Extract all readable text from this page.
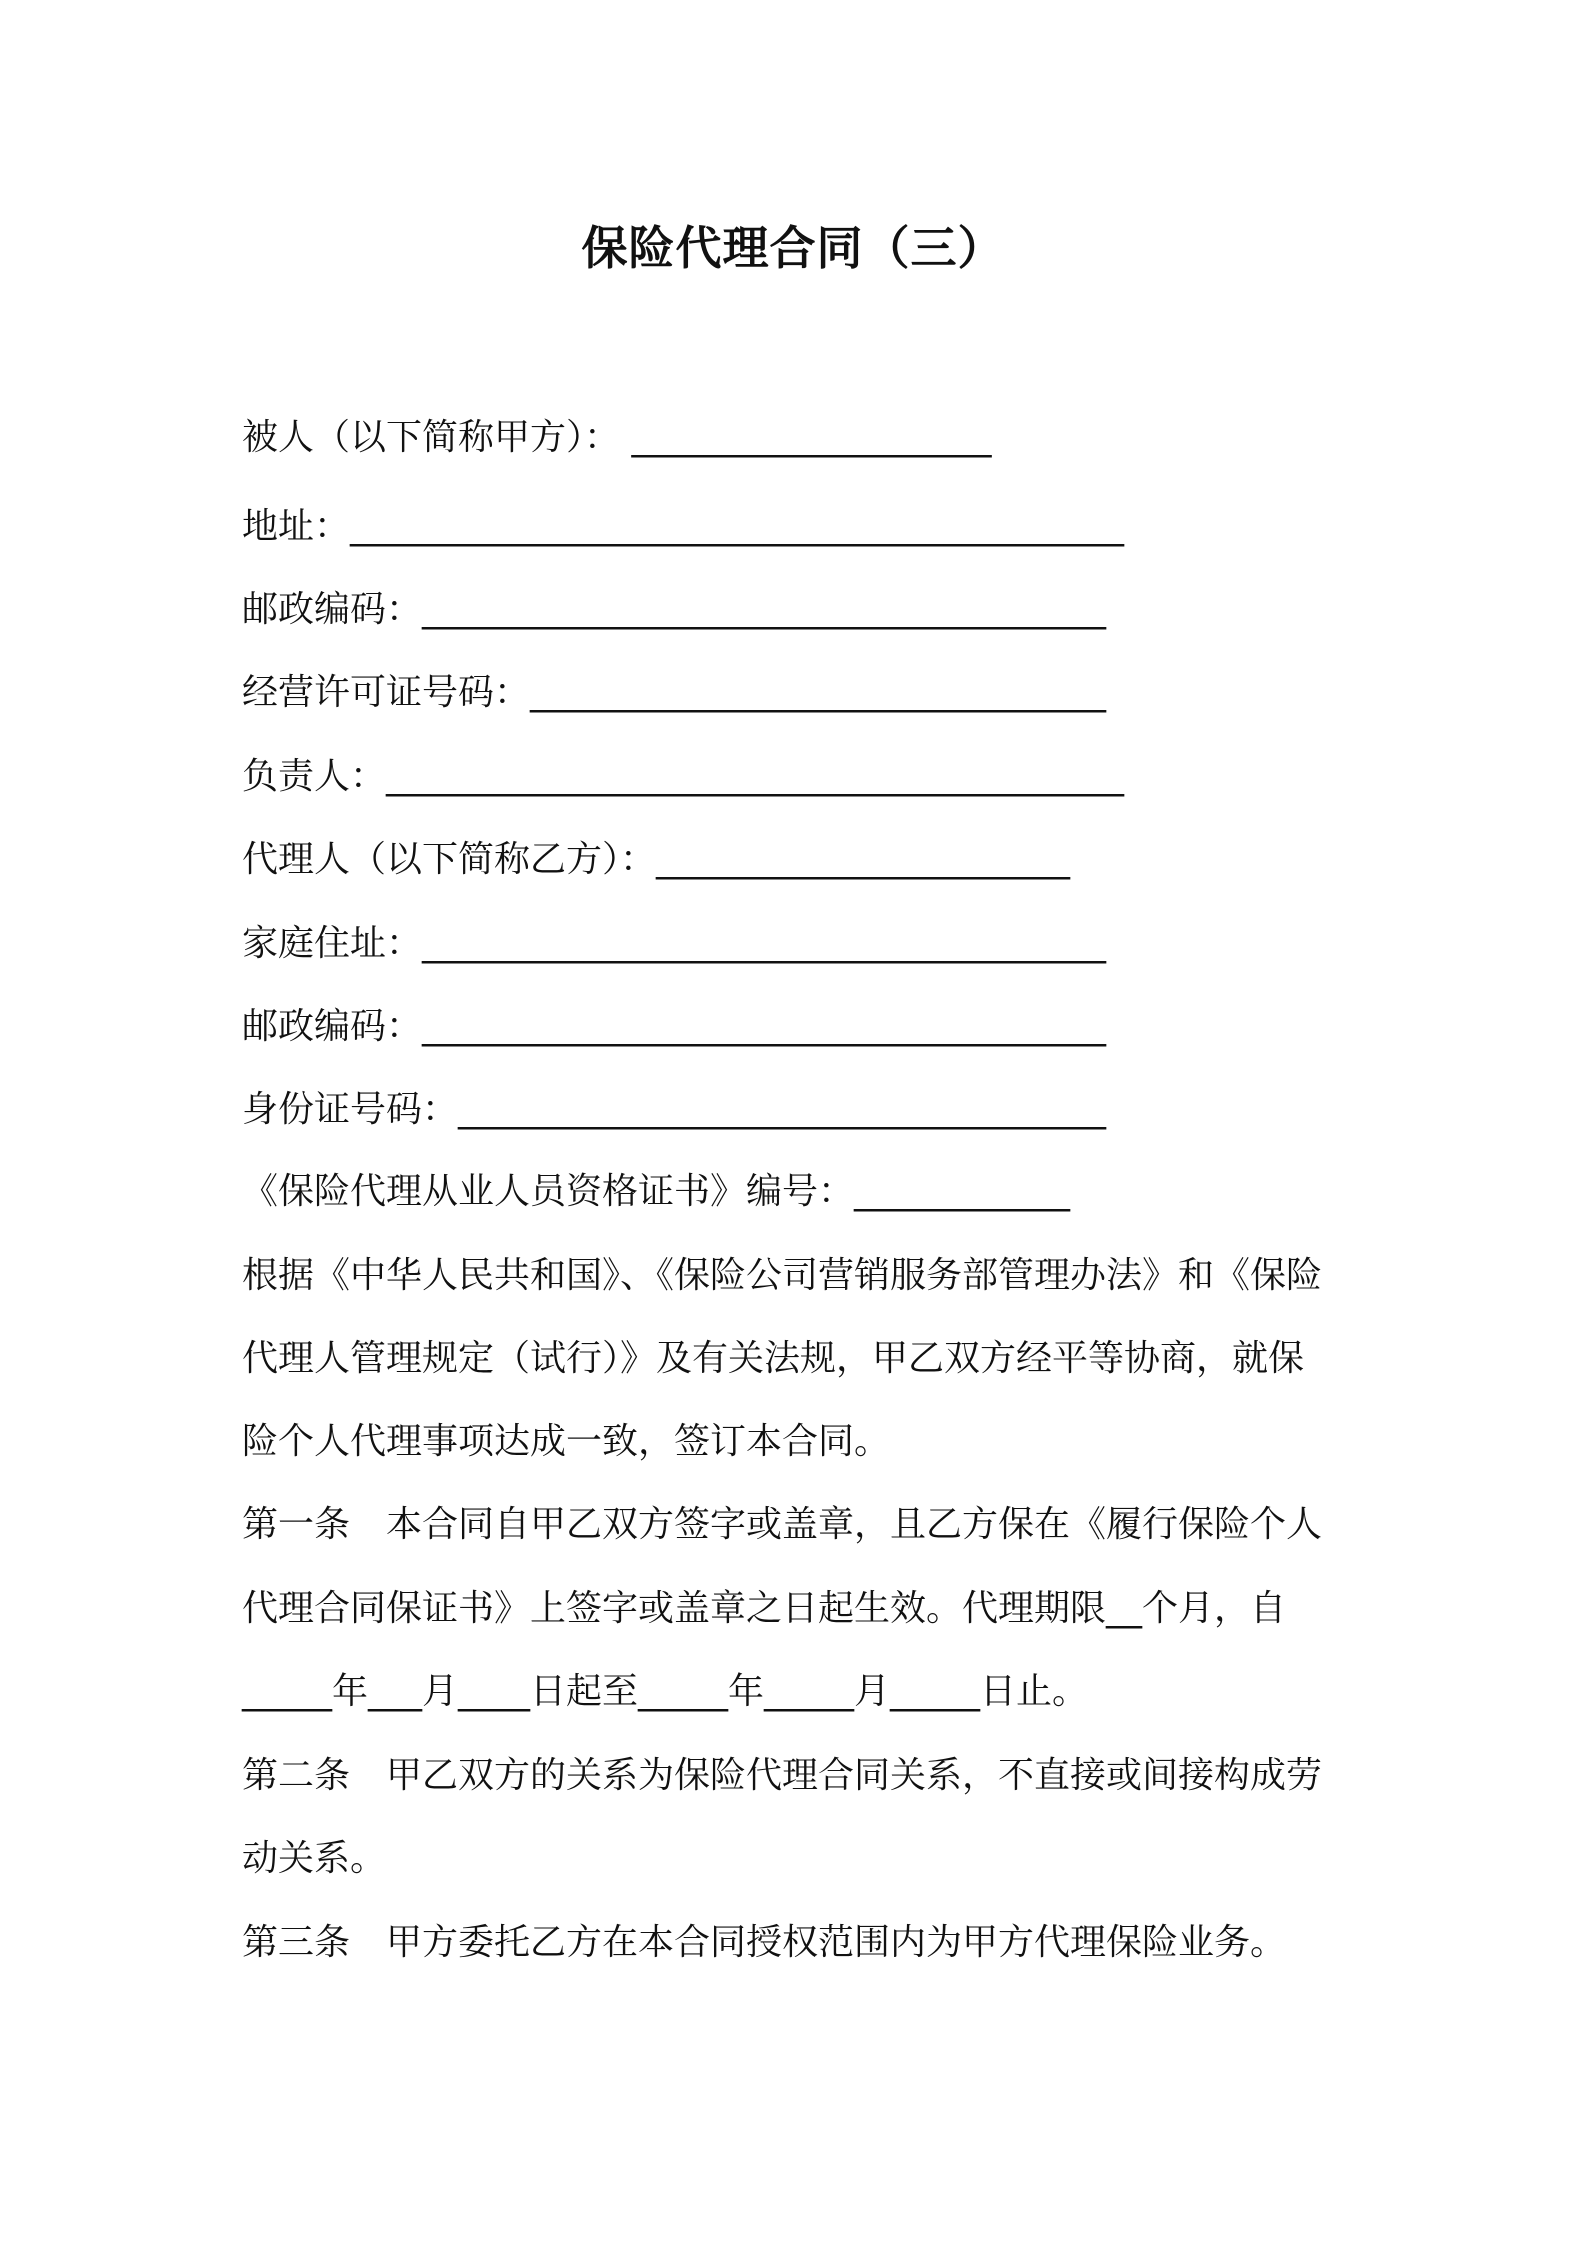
保险代理合同（三）

被人（以下简称甲方）： ____________________

地址：___________________________________________

邮政编码：______________________________________

经营许可证号码：________________________________

负责人：_________________________________________

代理人（以下简称乙方）：_______________________

家庭住址：______________________________________

邮政编码：______________________________________

身份证号码：____________________________________

《保险代理从业人员资格证书》编号：____________

根据《中华人民共和国》、《保险公司营销服务部管理办法》和《保险

代理人管理规定（试行）》及有关法规，甲乙双方经平等协商，就保

险个人代理事项达成一致，签订本合同。

第一条　本合同自甲乙双方签字或盖章，且乙方保在《履行保险个人

代理合同保证书》上签字或盖章之日起生效。代理期限__个月，自

_____年___月____日起至_____年_____月_____日止。

第二条　甲乙双方的关系为保险代理合同关系，不直接或间接构成劳

动关系。

第三条　甲方委托乙方在本合同授权范围内为甲方代理保险业务。
